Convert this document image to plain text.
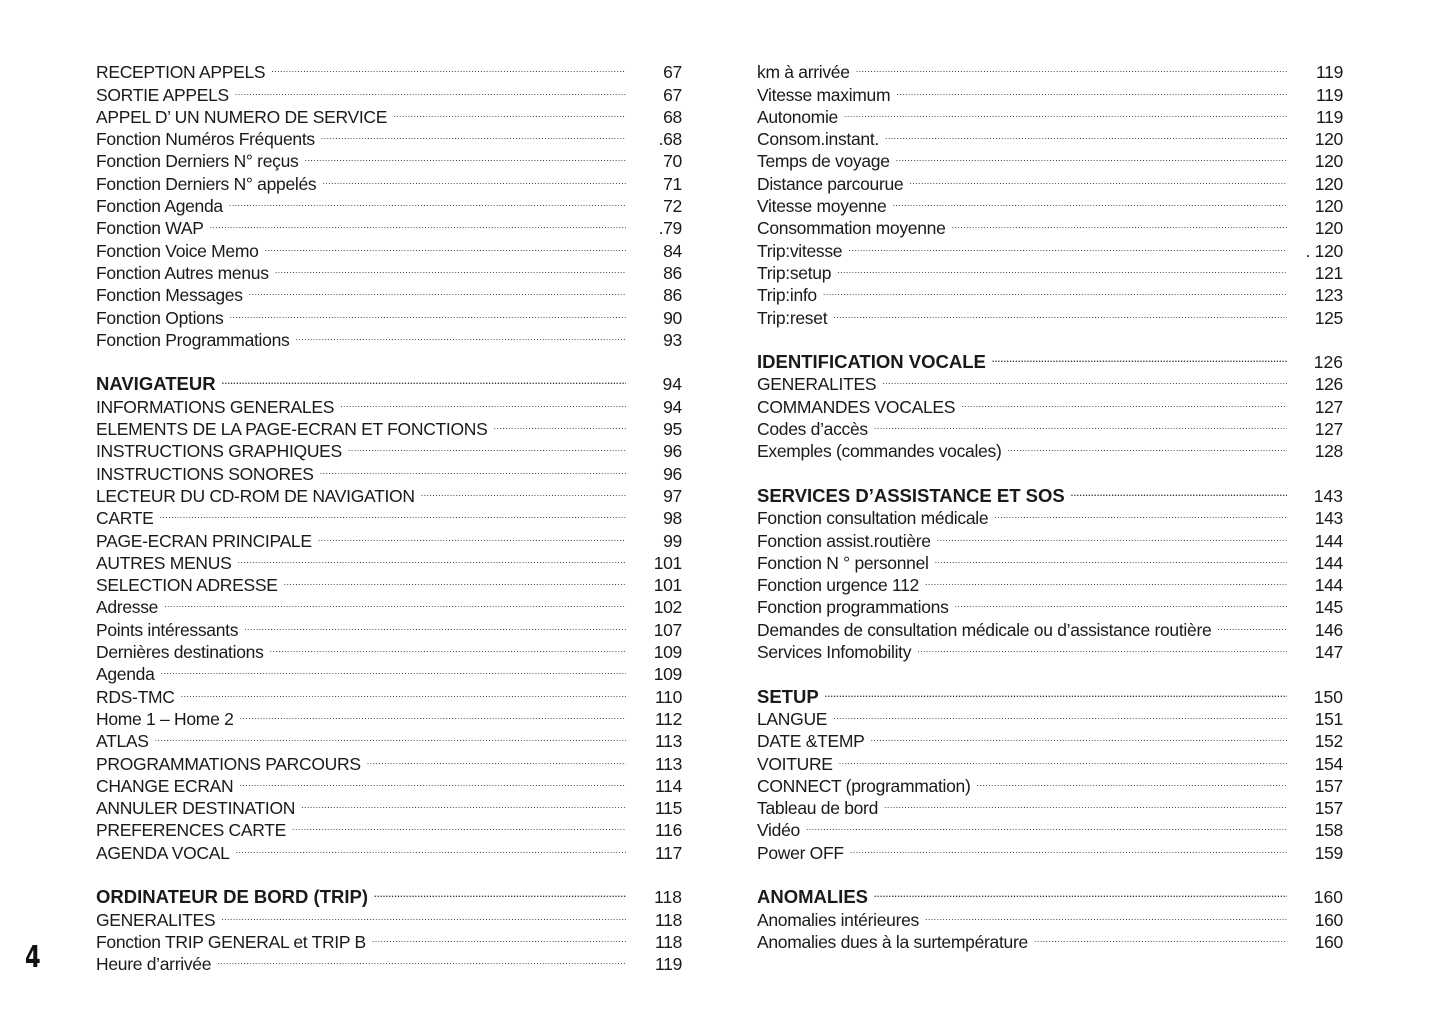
RECEPTION APPELS .....	67
SORTIE APPELS .....	67
APPEL D’ UN NUMERO DE SERVICE .....	68
Fonction Numéros Fréquents .....	.68
Fonction Derniers N° reçus .....	70
Fonction Derniers N° appelés .....	71
Fonction Agenda .....	72
Fonction WAP .....	.79
Fonction Voice Memo .....	84
Fonction Autres menus .....	86
Fonction Messages .....	86
Fonction Options .....	90
Fonction Programmations .....	93
NAVIGATEUR .....	94
INFORMATIONS GENERALES .....	94
ELEMENTS DE LA PAGE-ECRAN ET FONCTIONS .....	95
INSTRUCTIONS GRAPHIQUES .....	96
INSTRUCTIONS SONORES .....	96
LECTEUR DU CD-ROM DE NAVIGATION .....	97
CARTE .....	98
PAGE-ECRAN PRINCIPALE .....	99
AUTRES MENUS .....	101
SELECTION ADRESSE .....	101
Adresse .....	102
Points intéressants .....	107
Dernières destinations .....	109
Agenda .....	109
RDS-TMC .....	110
Home 1 – Home 2 .....	112
ATLAS .....	113
PROGRAMMATIONS PARCOURS .....	113
CHANGE ECRAN .....	114
ANNULER DESTINATION .....	115
PREFERENCES CARTE .....	116
AGENDA VOCAL .....	117
ORDINATEUR DE BORD (TRIP) .....	118
GENERALITES .....	118
Fonction TRIP GENERAL et TRIP B .....	118
Heure d’arrivée .....	119
km à arrivée .....	119
Vitesse maximum .....	119
Autonomie .....	119
Consom.instant. .....	120
Temps de voyage .....	120
Distance parcourue .....	120
Vitesse moyenne .....	120
Consommation moyenne .....	120
Trip:vitesse .....	. 120
Trip:setup .....	121
Trip:info .....	123
Trip:reset .....	125
IDENTIFICATION VOCALE .....	126
GENERALITES .....	126
COMMANDES VOCALES .....	127
Codes d’accès .....	127
Exemples (commandes vocales) .....	128
SERVICES D’ASSISTANCE ET SOS .....	143
Fonction consultation médicale .....	143
Fonction assist.routière .....	144
Fonction N ° personnel .....	144
Fonction urgence 112 .....	144
Fonction programmations .....	145
Demandes de consultation médicale ou d’assistance routière .....	146
Services Infomobility .....	147
SETUP .....	150
LANGUE .....	151
DATE &TEMP .....	152
VOITURE .....	154
CONNECT (programmation) .....	157
Tableau de bord .....	157
Vidéo .....	158
Power OFF .....	159
ANOMALIES .....	160
Anomalies intérieures .....	160
Anomalies dues à la surtempérature .....	160
4
